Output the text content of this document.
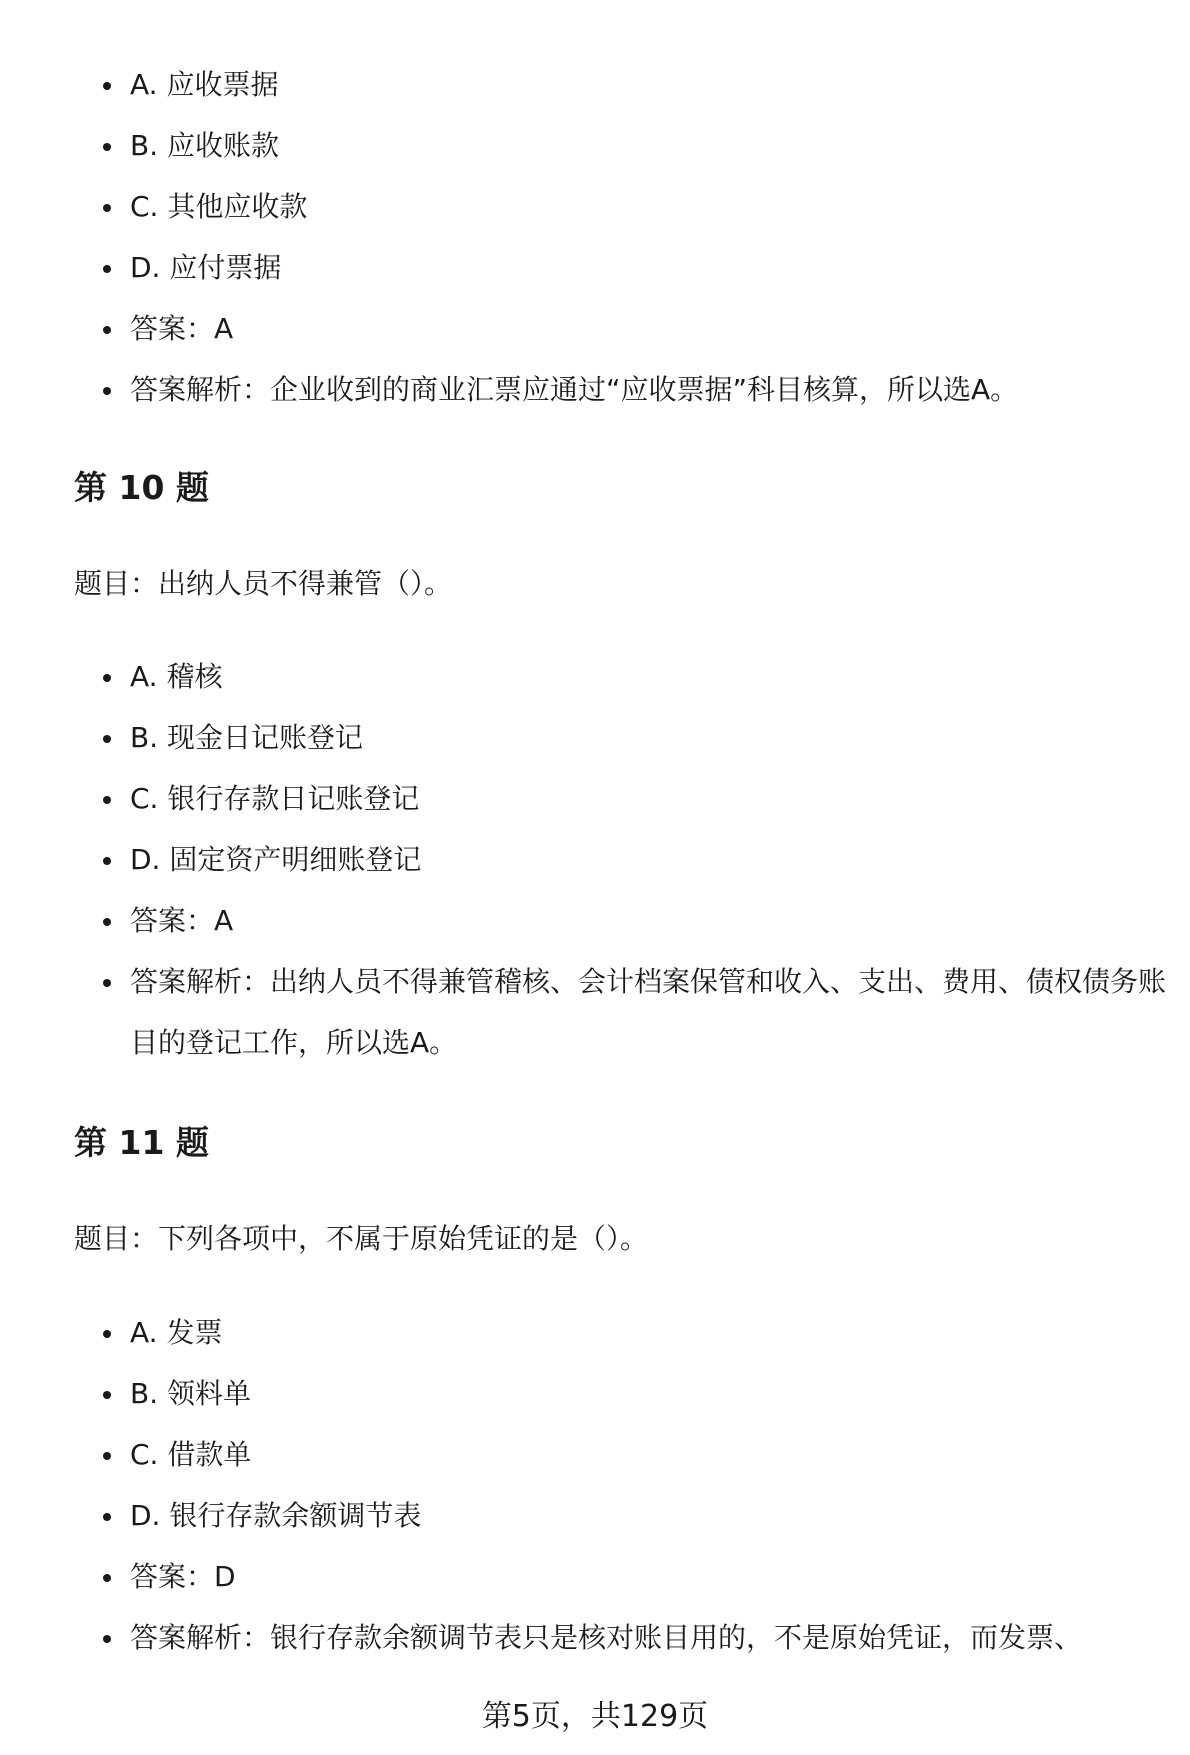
A. 应收票据
B. 应收账款
C. 其他应收款
D. 应付票据
答案：A
答案解析：企业收到的商业汇票应通过“应收票据”科目核算，所以选A。
第 10 题

题目：出纳人员不得兼管（）。

A. 稽核
B. 现金日记账登记
C. 银行存款日记账登记
D. 固定资产明细账登记
答案：A
答案解析：出纳人员不得兼管稽核、会计档案保管和收入、支出、费用、债权债务账目的登记工作，所以选A。
第 11 题

题目：下列各项中，不属于原始凭证的是（）。

A. 发票
B. 领料单
C. 借款单
D. 银行存款余额调节表
答案：D
答案解析：银行存款余额调节表只是核对账目用的，不是原始凭证，而发票、
第5页，共129页
